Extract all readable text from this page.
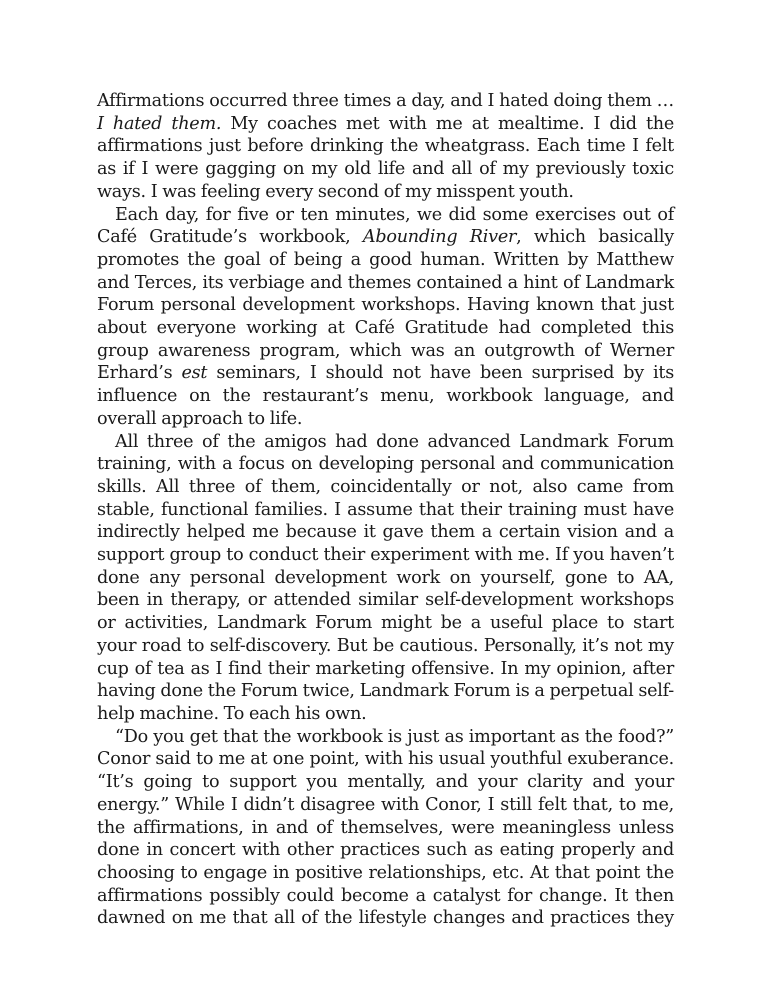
Affirmations occurred three times a day, and I hated doing them … I hated them. My coaches met with me at mealtime. I did the affirmations just before drinking the wheatgrass. Each time I felt as if I were gagging on my old life and all of my previously toxic ways. I was feeling every second of my misspent youth.

Each day, for five or ten minutes, we did some exercises out of Café Gratitude’s workbook, Abounding River, which basically promotes the goal of being a good human. Written by Matthew and Terces, its verbiage and themes contained a hint of Landmark Forum personal development workshops. Having known that just about everyone working at Café Gratitude had completed this group awareness program, which was an outgrowth of Werner Erhard’s est seminars, I should not have been surprised by its influence on the restaurant’s menu, workbook language, and overall approach to life.

All three of the amigos had done advanced Landmark Forum training, with a focus on developing personal and communication skills. All three of them, coincidentally or not, also came from stable, functional families. I assume that their training must have indirectly helped me because it gave them a certain vision and a support group to conduct their experiment with me. If you haven’t done any personal development work on yourself, gone to AA, been in therapy, or attended similar self-development workshops or activities, Landmark Forum might be a useful place to start your road to self-discovery. But be cautious. Personally, it’s not my cup of tea as I find their marketing offensive. In my opinion, after having done the Forum twice, Landmark Forum is a perpetual self-help machine. To each his own.

“Do you get that the workbook is just as important as the food?” Conor said to me at one point, with his usual youthful exuberance. “It’s going to support you mentally, and your clarity and your energy.” While I didn’t disagree with Conor, I still felt that, to me, the affirmations, in and of themselves, were meaningless unless done in concert with other practices such as eating properly and choosing to engage in positive relationships, etc. At that point the affirmations possibly could become a catalyst for change. It then dawned on me that all of the lifestyle changes and practices they
